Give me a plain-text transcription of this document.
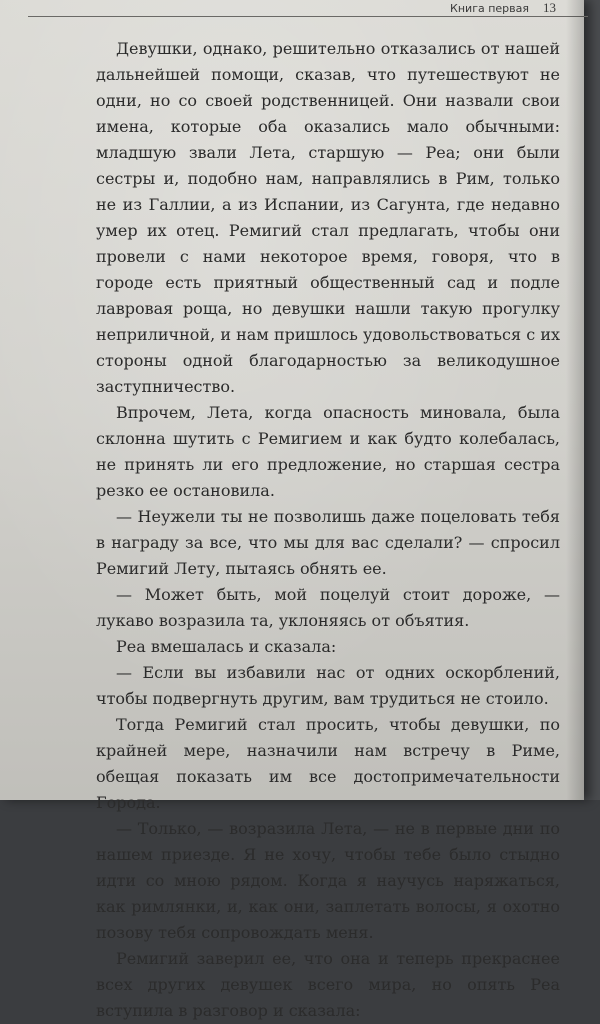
Книга первая 13

Девушки, однако, решительно отказались от нашей дальнейшей помощи, сказав, что путешествуют не одни, но со своей родственницей. Они назвали свои имена, которые оба оказались мало обычными: младшую звали Лета, старшую — Реа; они были сестры и, подобно нам, направлялись в Рим, только не из Галлии, а из Испании, из Сагунта, где недавно умер их отец. Ремигий стал предлагать, чтобы они провели с нами некоторое время, говоря, что в городе есть приятный общественный сад и подле лавровая роща, но девушки нашли такую прогулку неприличной, и нам пришлось удовольствоваться с их стороны одной благодарностью за великодушное заступничество.

Впрочем, Лета, когда опасность миновала, была склонна шутить с Ремигием и как будто колебалась, не принять ли его предложение, но старшая сестра резко ее остановила.

— Неужели ты не позволишь даже поцеловать тебя в награду за все, что мы для вас сделали? — спросил Ремигий Лету, пытаясь обнять ее.

— Может быть, мой поцелуй стоит дороже, — лукаво возразила та, уклоняясь от объятия.

Реа вмешалась и сказала:

— Если вы избавили нас от одних оскорблений, чтобы подвергнуть другим, вам трудиться не стоило.

Тогда Ремигий стал просить, чтобы девушки, по крайней мере, назначили нам встречу в Риме, обещая показать им все достопримечательности Города.

— Только, — возразила Лета, — не в первые дни по нашем приезде. Я не хочу, чтобы тебе было стыдно идти со мною рядом. Когда я научусь наряжаться, как римлянки, и, как они, заплетать волосы, я охотно позову тебя сопровождать меня.

Ремигий заверил ее, что она и теперь прекраснее всех других девушек всего мира, но опять Реа вступила в разговор и сказала:
